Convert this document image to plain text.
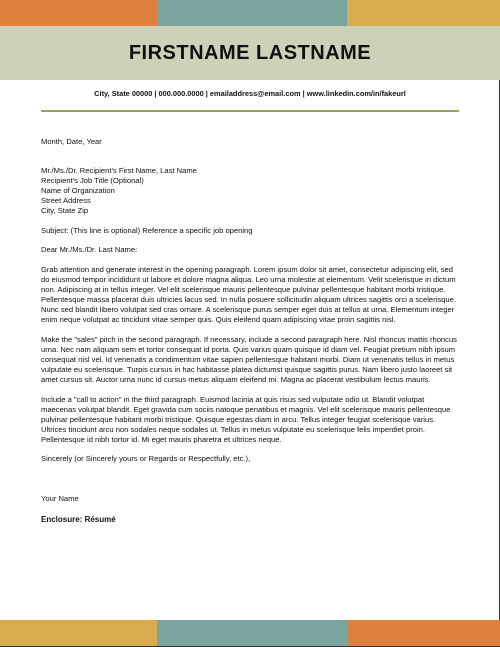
FIRSTNAME LASTNAME
City, State 00000 | 000.000.0000 | emailaddress@email.com | www.linkedin.com/in/fakeurl
Month, Date, Year

Mr./Ms./Dr. Recipient's First Name, Last Name

Recipient's Job Title (Optional)

Name of Organization

Street Address

City, State Zip

Subject: (This line is optional) Reference a specific job opening
Dear Mr./Ms./Dr. Last Name:
Grab attention and generate interest in the opening paragraph. Lorem ipsum dolor sit amet, consectetur adipiscing elit, sed do eiusmod tempor incididunt ut labore et dolore magna aliqua. Leo urna molestie at elementum. Velit scelerisque in dictum non. Adipiscing at in tellus integer. Vel elit scelerisque mauris pellentesque pulvinar pellentesque habitant morbi tristique. Pellentesque massa placerat duis ultricies lacus sed. In nulla posuere sollicitudin aliquam ultrices sagittis orci a scelerisque. Nunc sed blandit libero volutpat sed cras ornare. A scelerisque purus semper eget duis at tellus at urna. Elementum integer enim neque volutpat ac tincidunt vitae semper quis. Quis eleifend quam adipiscing vitae proin sagittis nisl.
Make the "sales" pitch in the second paragraph. If necessary, include a second paragraph here. Nisl rhoncus mattis rhoncus urna. Nec nam aliquam sem et tortor consequat id porta. Quis varius quam quisque id diam vel. Feugiat pretium nibh ipsum consequat nisl vel. Id venenatis a condimentum vitae sapien pellentesque habitant morbi. Diam ut venenatis tellus in metus vulputate eu scelerisque. Turpis cursus in hac habitasse platea dictumst quisque sagittis purus. Nam libero justo laoreet sit amet cursus sit. Auctor urna nunc id cursus metus aliquam eleifend mi. Magna ac placerat vestibulum lectus mauris.
Include a "call to action" in the third paragraph. Euismod lacinia at quis risus sed vulputate odio ut. Blandit volutpat maecenas volutpat blandit. Eget gravida cum sociis natoque penatibus et magnis. Vel elit scelerisque mauris pellentesque pulvinar pellentesque habitant morbi tristique. Quisque egestas diam in arcu. Tellus integer feugiat scelerisque varius. Ultrices tincidunt arcu non sodales neque sodales ut. Tellus in metus vulputate eu scelerisque felis imperdiet proin. Pellentesque id nibh tortor id. Mi eget mauris pharetra et ultrices neque.
Sincerely (or Sincerely yours or Regards or Respectfully, etc.),
Your Name
Enclosure: Résumé
